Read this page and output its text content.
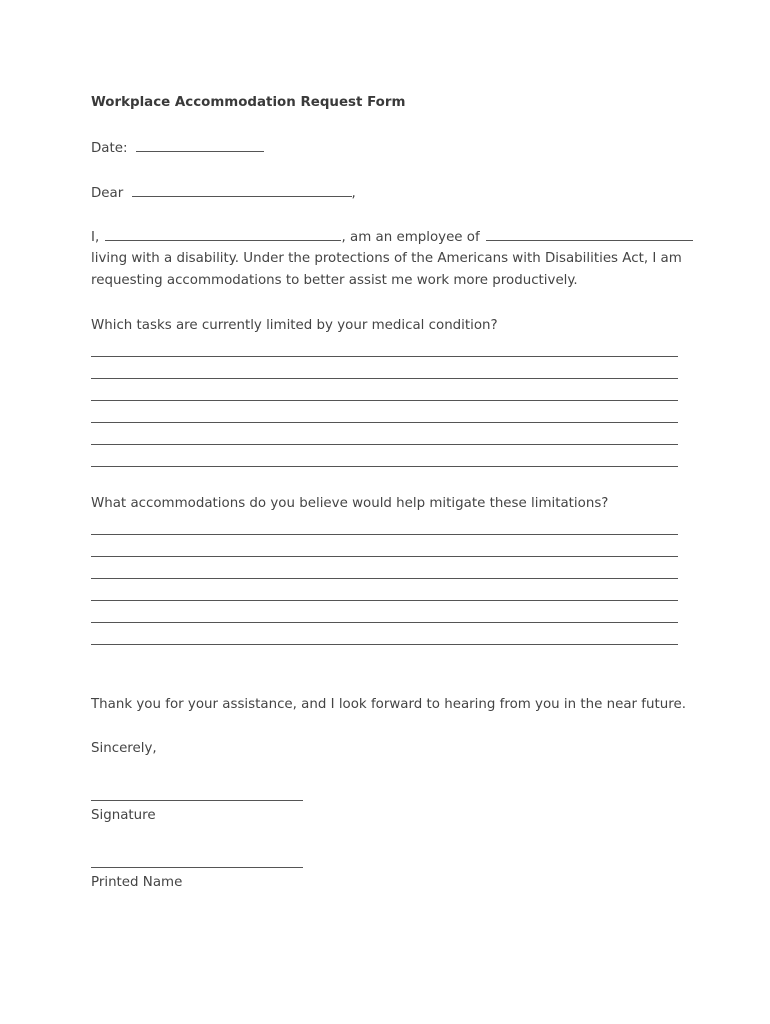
Workplace Accommodation Request Form

Date:

Dear	,

I,	, am an employee of

living with a disability. Under the protections of the Americans with Disabilities Act, I am

requesting accommodations to better assist me work more productively.

Which tasks are currently limited by your medical condition?

What accommodations do you believe would help mitigate these limitations?

Thank you for your assistance, and I look forward to hearing from you in the near future.

Sincerely,

Signature

Printed Name
